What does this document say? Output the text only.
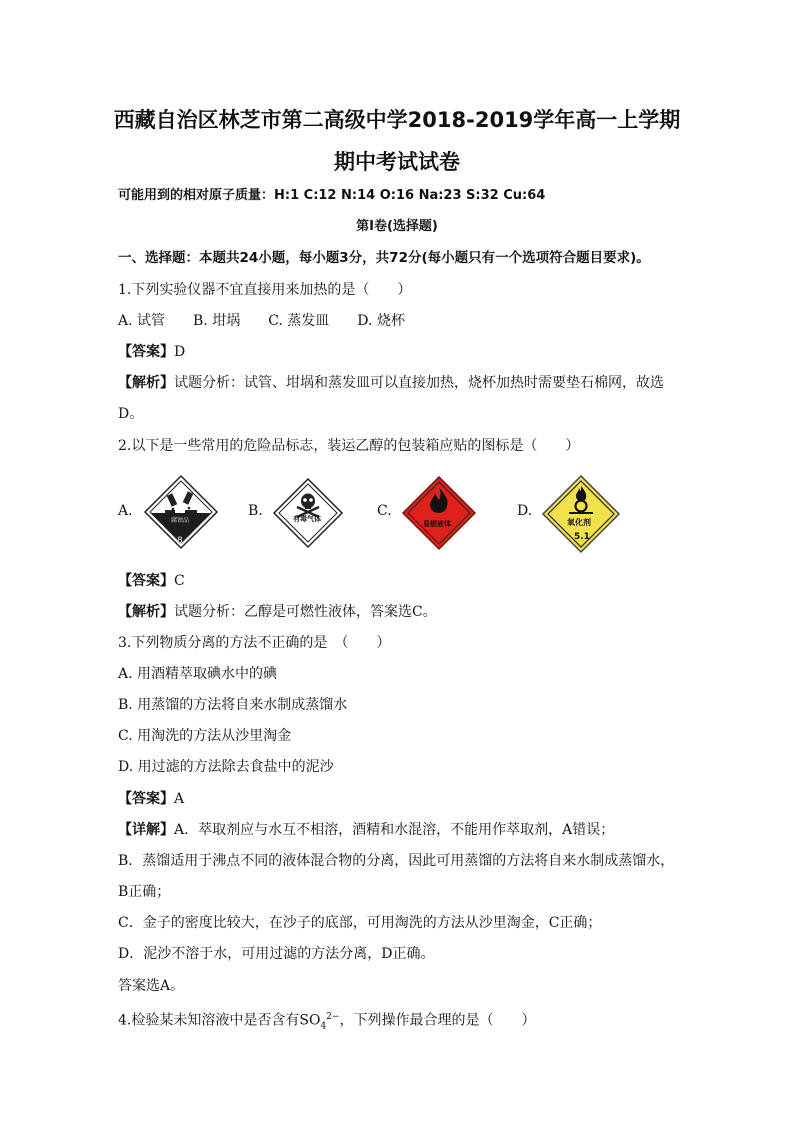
西藏自治区林芝市第二高级中学2018-2019学年高一上学期
期中考试试卷
可能用到的相对原子质量：H:1 C:12 N:14 O:16 Na:23 S:32 Cu:64
第I卷(选择题)
一、选择题：本题共24小题，每小题3分，共72分(每小题只有一个选项符合题目要求)。
1.下列实验仪器不宜直接用来加热的是（　　）
A. 试管　　B. 坩埚　　C. 蒸发皿　　D. 烧杯
【答案】D
【解析】试题分析：试管、坩埚和蒸发皿可以直接加热，烧杯加热时需要垫石棉网，故选
D。
2.以下是一些常用的危险品标志，装运乙醇的包装箱应贴的图标是（　　）
A.
腐蚀品
8
B.	有毒气体	C.
易燃液体
D.
氧化剂
5.1
【答案】C
【解析】试题分析：乙醇是可燃性液体，答案选C。
3.下列物质分离的方法不正确的是　（　　）
A. 用酒精萃取碘水中的碘
B. 用蒸馏的方法将自来水制成蒸馏水
C. 用淘洗的方法从沙里淘金
D. 用过滤的方法除去食盐中的泥沙
【答案】A
【详解】A．萃取剂应与水互不相溶，酒精和水混溶，不能用作萃取剂，A错误；
B．蒸馏适用于沸点不同的液体混合物的分离，因此可用蒸馏的方法将自来水制成蒸馏水，
B正确；
C．金子的密度比较大，在沙子的底部，可用淘洗的方法从沙里淘金，C正确；
D．泥沙不溶于水，可用过滤的方法分离，D正确。
答案选A。
4.检验某未知溶液中是否含有$SO_4^{2-}$，下列操作最合理的是（　　）
